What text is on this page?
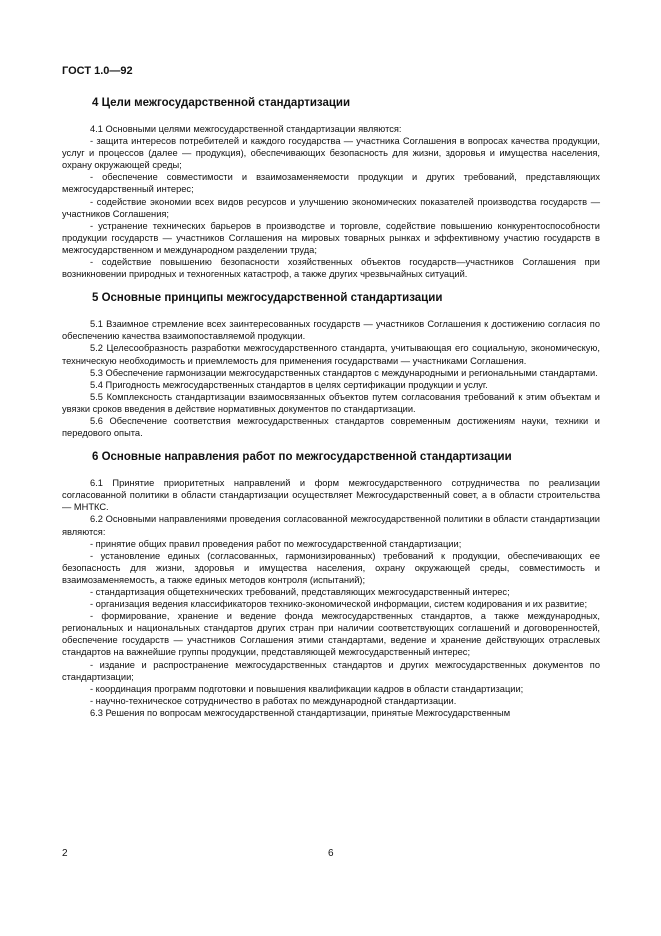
ГОСТ 1.0—92
4 Цели межгосударственной стандартизации

4.1 Основными целями межгосударственной стандартизации являются:

- защита интересов потребителей и каждого государства — участника Соглашения в вопросах качества продукции, услуг и процессов (далее — продукция), обеспечивающих безопасность для жизни, здоровья и имущества населения, охрану окружающей среды;

- обеспечение совместимости и взаимозаменяемости продукции и других требований, представляющих межгосударственный интерес;

- содействие экономии всех видов ресурсов и улучшению экономических показателей производства государств — участников Соглашения;

- устранение технических барьеров в производстве и торговле, содействие повышению конкурентоспособности продукции государств — участников Соглашения на мировых товарных рынках и эффективному участию государств в межгосударственном и международном разделении труда;

- содействие повышению безопасности хозяйственных объектов государств—участников Соглашения при возникновении природных и техногенных катастроф, а также других чрезвычайных ситуаций.

5 Основные принципы межгосударственной стандартизации

5.1 Взаимное стремление всех заинтересованных государств — участников Соглашения к достижению согласия по обеспечению качества взаимопоставляемой продукции.

5.2 Целесообразность разработки межгосударственного стандарта, учитывающая его социальную, экономическую, техническую необходимость и приемлемость для применения государствами — участниками Соглашения.

5.3 Обеспечение гармонизации межгосударственных стандартов с международными и региональными стандартами.

5.4 Пригодность межгосударственных стандартов в целях сертификации продукции и услуг.

5.5 Комплексность стандартизации взаимосвязанных объектов путем согласования требований к этим объектам и увязки сроков введения в действие нормативных документов по стандартизации.

5.6 Обеспечение соответствия межгосударственных стандартов современным достижениям науки, техники и передового опыта.

6 Основные направления работ по межгосударственной стандартизации

6.1 Принятие приоритетных направлений и форм межгосударственного сотрудничества по реализации согласованной политики в области стандартизации осуществляет Межгосударственный совет, а в области строительства — МНТКС.

6.2 Основными направлениями проведения согласованной межгосударственной политики в области стандартизации являются:

- принятие общих правил проведения работ по межгосударственной стандартизации;

- установление единых (согласованных, гармонизированных) требований к продукции, обеспечивающих ее безопасность для жизни, здоровья и имущества населения, охрану окружающей среды, совместимость и взаимозаменяемость, а также единых методов контроля (испытаний);

- стандартизация общетехнических требований, представляющих межгосударственный интерес;

- организация ведения классификаторов технико-экономической информации, систем кодирования и их развитие;

- формирование, хранение и ведение фонда межгосударственных стандартов, а также международных, региональных и национальных стандартов других стран при наличии соответствующих соглашений и договоренностей, обеспечение государств — участников Соглашения этими стандартами, ведение и хранение действующих отраслевых стандартов на важнейшие группы продукции, представляющей межгосударственный интерес;

- издание и распространение межгосударственных стандартов и других межгосударственных документов по стандартизации;

- координация программ подготовки и повышения квалификации кадров в области стандартизации;

- научно-техническое сотрудничество в работах по международной стандартизации.

6.3 Решения по вопросам межгосударственной стандартизации, принятые Межгосударственным

2	6
